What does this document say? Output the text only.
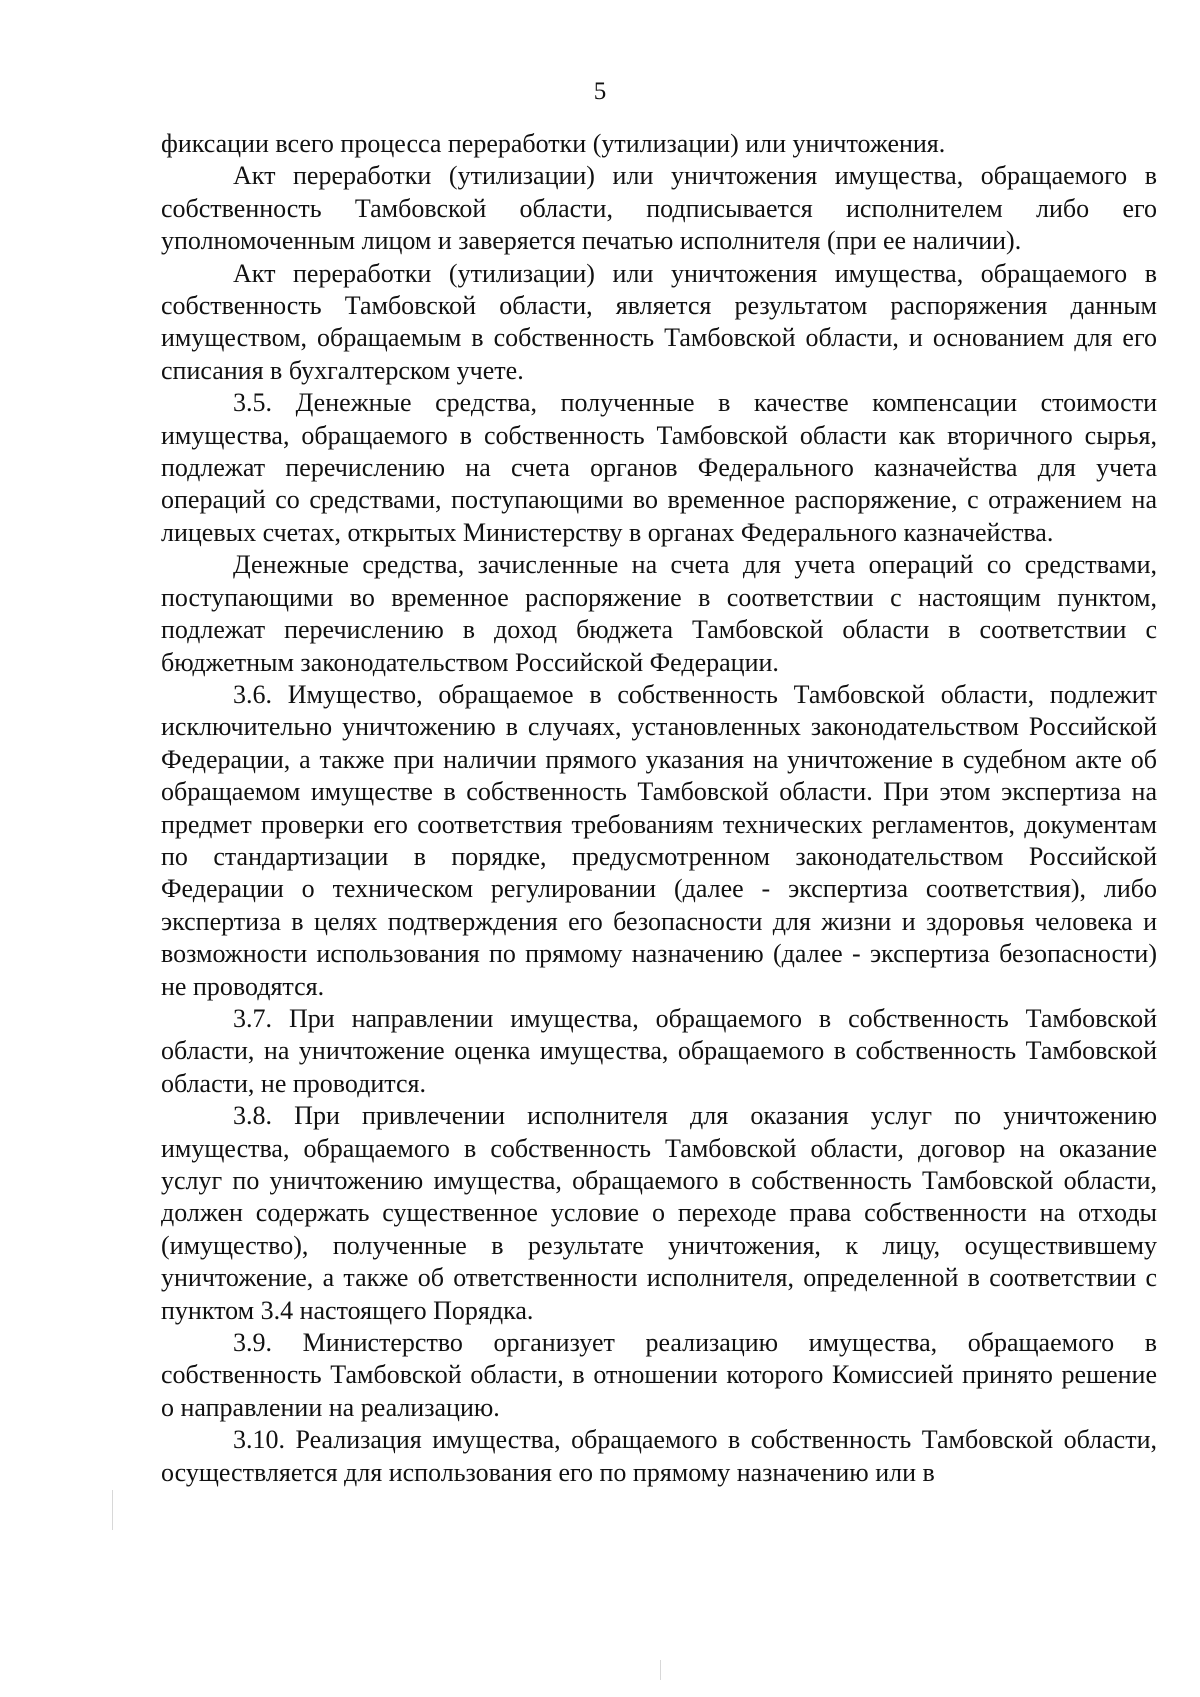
5

фиксации всего процесса переработки (утилизации) или уничтожения.

Акт переработки (утилизации) или уничтожения имущества, обращаемого в собственность Тамбовской области, подписывается исполнителем либо его уполномоченным лицом и заверяется печатью исполнителя (при ее наличии).

Акт переработки (утилизации) или уничтожения имущества, обращаемого в собственность Тамбовской области, является результатом распоряжения данным имуществом, обращаемым в собственность Тамбовской области, и основанием для его списания в бухгалтерском учете.

3.5. Денежные средства, полученные в качестве компенсации стоимости имущества, обращаемого в собственность Тамбовской области как вторичного сырья, подлежат перечислению на счета органов Федерального казначейства для учета операций со средствами, поступающими во временное распоряжение, с отражением на лицевых счетах, открытых Министерству в органах Федерального казначейства.

Денежные средства, зачисленные на счета для учета операций со средствами, поступающими во временное распоряжение в соответствии с настоящим пунктом, подлежат перечислению в доход бюджета Тамбовской области в соответствии с бюджетным законодательством Российской Федерации.

3.6. Имущество, обращаемое в собственность Тамбовской области, подлежит исключительно уничтожению в случаях, установленных законодательством Российской Федерации, а также при наличии прямого указания на уничтожение в судебном акте об обращаемом имуществе в собственность Тамбовской области. При этом экспертиза на предмет проверки его соответствия требованиям технических регламентов, документам по стандартизации в порядке, предусмотренном законодательством Российской Федерации о техническом регулировании (далее - экспертиза соответствия), либо экспертиза в целях подтверждения его безопасности для жизни и здоровья человека и возможности использования по прямому назначению (далее - экспертиза безопасности) не проводятся.

3.7. При направлении имущества, обращаемого в собственность Тамбовской области, на уничтожение оценка имущества, обращаемого в собственность Тамбовской области, не проводится.

3.8. При привлечении исполнителя для оказания услуг по уничтожению имущества, обращаемого в собственность Тамбовской области, договор на оказание услуг по уничтожению имущества, обращаемого в собственность Тамбовской области, должен содержать существенное условие о переходе права собственности на отходы (имущество), полученные в результате уничтожения, к лицу, осуществившему уничтожение, а также об ответственности исполнителя, определенной в соответствии с пунктом 3.4 настоящего Порядка.

3.9. Министерство организует реализацию имущества, обращаемого в собственность Тамбовской области, в отношении которого Комиссией принято решение о направлении на реализацию.

3.10. Реализация имущества, обращаемого в собственность Тамбовской области, осуществляется для использования его по прямому назначению или в
